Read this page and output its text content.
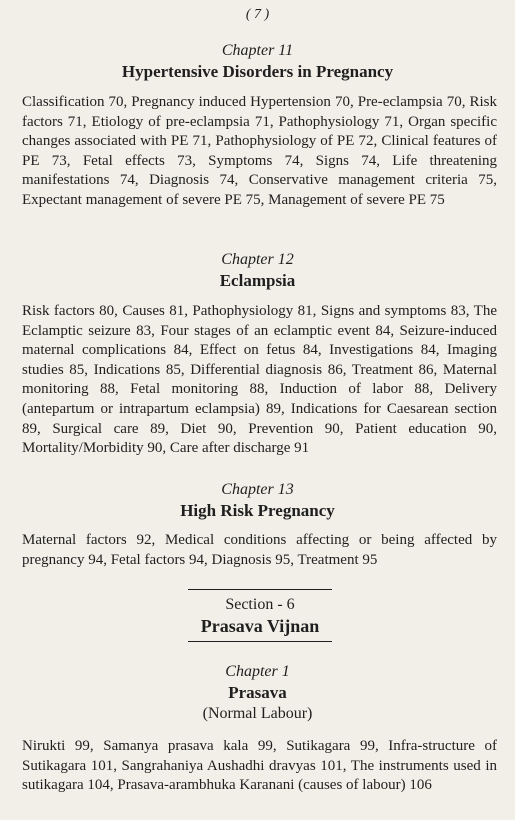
( 7 )
Chapter 11
Hypertensive Disorders in Pregnancy
Classification 70, Pregnancy induced Hypertension 70, Pre-eclampsia 70, Risk factors 71, Etiology of pre-eclampsia 71, Pathophysiology 71, Organ specific changes associated with PE 71, Pathophysiology of PE 72, Clinical features of PE 73, Fetal effects 73, Symptoms 74, Signs 74, Life threatening manifestations 74, Diagnosis 74, Conservative management criteria 75, Expectant management of severe PE 75, Management of severe PE 75
Chapter 12
Eclampsia
Risk factors 80, Causes 81, Pathophysiology 81, Signs and symptoms 83, The Eclamptic seizure 83, Four stages of an eclamptic event 84, Seizure-induced maternal complications 84, Effect on fetus 84, Investigations 84, Imaging studies 85, Indications 85, Differential diagnosis 86, Treatment 86, Maternal monitoring 88, Fetal monitoring 88, Induction of labor 88, Delivery (antepartum or intrapartum eclampsia) 89, Indications for Caesarean section 89, Surgical care 89, Diet 90, Prevention 90, Patient education 90, Mortality/Morbidity 90, Care after discharge 91
Chapter 13
High Risk Pregnancy
Maternal factors 92, Medical conditions affecting or being affected by pregnancy 94, Fetal factors 94, Diagnosis 95, Treatment 95
Section - 6
Prasava Vijnan
Chapter 1
Prasava
(Normal Labour)
Nirukti 99, Samanya prasava kala 99, Sutikagara 99, Infra-structure of Sutikagara 101, Sangrahaniya Aushadhi dravyas 101, The instruments used in sutikagara 104, Prasava-arambhuka Karanani (causes of labour) 106
